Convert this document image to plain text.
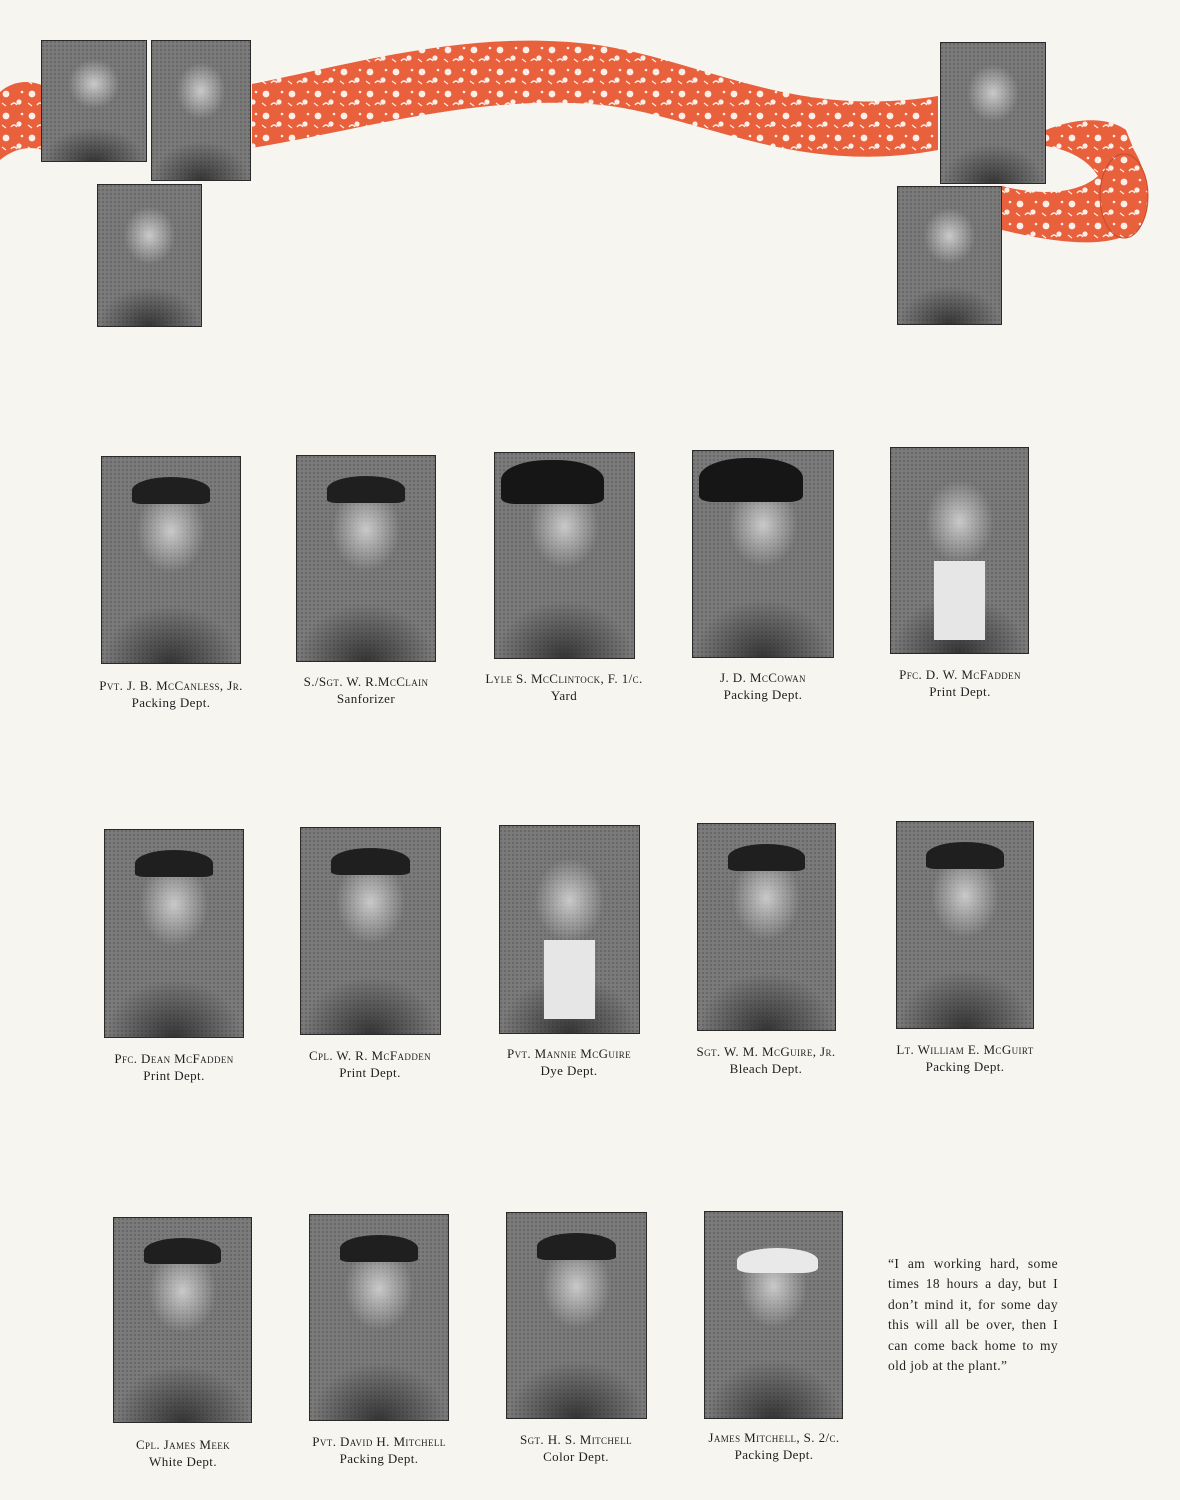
Pvt. J. B. McCanless, Jr.
Packing Dept.
S./Sgt. W. R.McClain
Sanforizer
Lyle S. McClintock, F. 1/c.
Yard
J. D. McCowan
Packing Dept.
Pfc. D. W. McFadden
Print Dept.
Pfc. Dean McFadden
Print Dept.
Cpl. W. R. McFadden
Print Dept.
Pvt. Mannie McGuire
Dye Dept.
Sgt. W. M. McGuire, Jr.
Bleach Dept.
Lt. William E. McGuirt
Packing Dept.
Cpl. James Meek
White Dept.
Pvt. David H. Mitchell
Packing Dept.
Sgt. H. S. Mitchell
Color Dept.
James Mitchell, S. 2/c.
Packing Dept.

“I am working hard, some times 18 hours a day, but I don’t mind it, for some day this will all be over, then I can come back home to my old job at the plant.”
